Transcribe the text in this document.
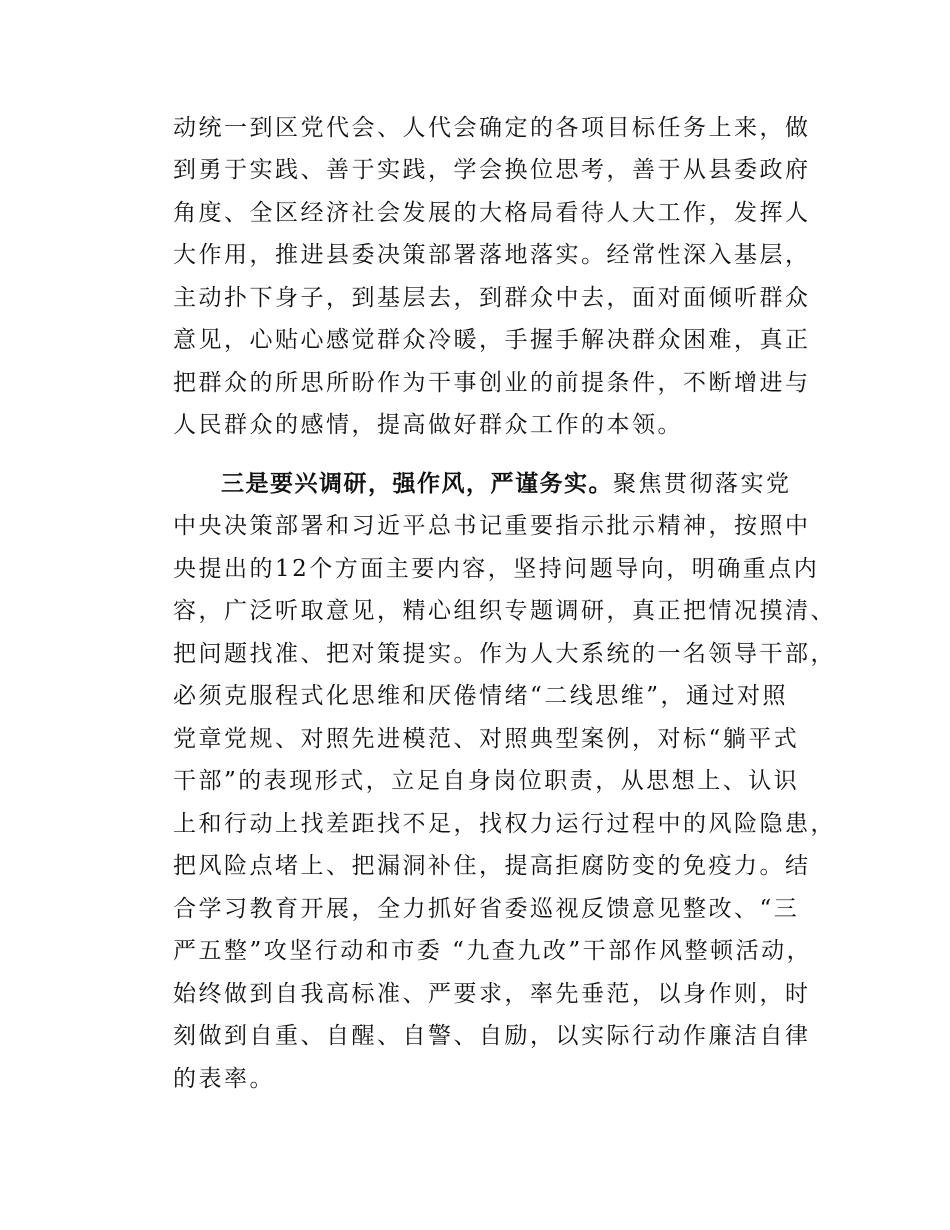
动统一到区党代会、人代会确定的各项目标任务上来，做

到勇于实践、善于实践，学会换位思考，善于从县委政府

角度、全区经济社会发展的大格局看待人大工作，发挥人

大作用，推进县委决策部署落地落实。经常性深入基层，

主动扑下身子，到基层去，到群众中去，面对面倾听群众

意见，心贴心感觉群众冷暖，手握手解决群众困难，真正

把群众的所思所盼作为干事创业的前提条件，不断增进与

人民群众的感情，提高做好群众工作的本领。

三是要兴调研，强作风，严谨务实。聚焦贯彻落实党

中央决策部署和习近平总书记重要指示批示精神，按照中

央提出的12个方面主要内容，坚持问题导向，明确重点内

容，广泛听取意见，精心组织专题调研，真正把情况摸清、

把问题找准、把对策提实。作为人大系统的一名领导干部，

必须克服程式化思维和厌倦情绪“二线思维”，通过对照

党章党规、对照先进模范、对照典型案例，对标“躺平式

干部”的表现形式，立足自身岗位职责，从思想上、认识

上和行动上找差距找不足，找权力运行过程中的风险隐患，

把风险点堵上、把漏洞补住，提高拒腐防变的免疫力。结

合学习教育开展，全力抓好省委巡视反馈意见整改、“三

严五整”攻坚行动和市委 “九查九改”干部作风整顿活动，

始终做到自我高标准、严要求，率先垂范，以身作则，时

刻做到自重、自醒、自警、自励，以实际行动作廉洁自律

的表率。
